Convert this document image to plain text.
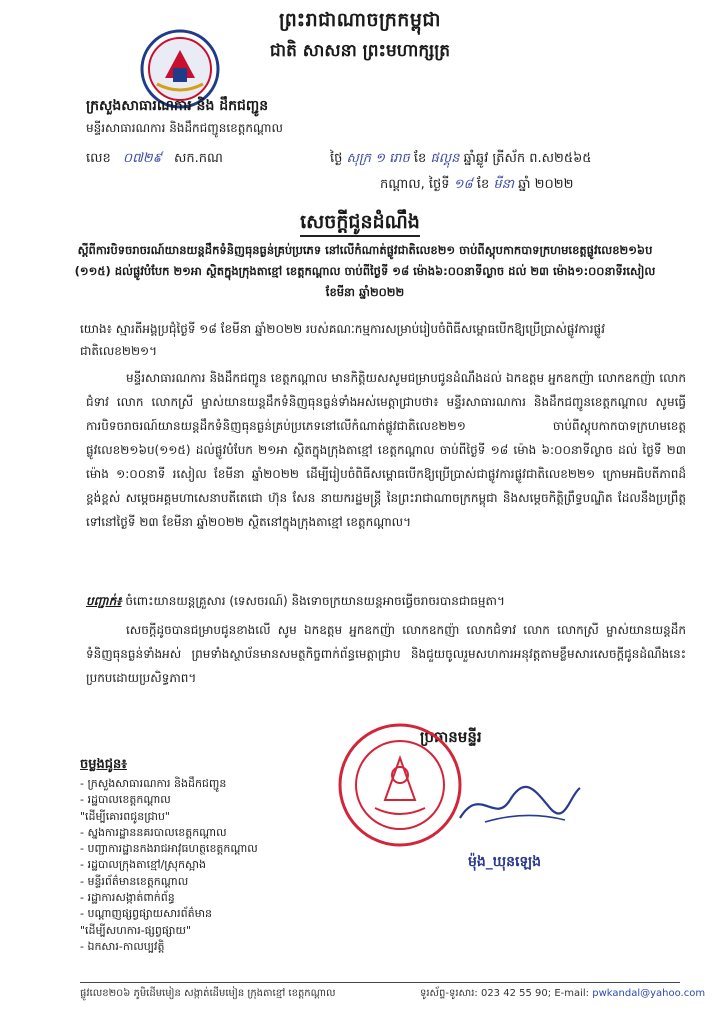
ព្រះរាជាណាចក្រកម្ពុជា
ជាតិ សាសនា ព្រះមហាក្សត្រ
ក្រសួងសាធារណការ និង ដឹកជញ្ជូន
មន្ទីរសាធារណការ និងដឹកជញ្ជូនខេត្តកណ្ដាល
លេខ ០៧២៩ សក.កណ	ថ្ងៃ សុក្រ ១ រោច ខែ ផល្គុន ឆ្នាំឆ្លូវ ត្រីស័ក ព.ស២៥៦៥
កណ្ដាល, ថ្ងៃទី ១៨ ខែ មីនា ឆ្នាំ ២០២២
សេចក្ដីជូនដំណឹង
ស្ដីពីការបិទចរាចរណ៍យានយន្តដឹកទំនិញធុនធ្ងន់គ្រប់ប្រភេទ នៅលើកំណាត់ផ្លូវជាតិលេខ២១ ចាប់ពីស្តុបកាកបាទក្រហមខេត្តផ្លូវលេខ២១៦ប (១១៥) ដល់ផ្លូវបំបែក ២១អា ស្ថិតក្នុងក្រុងតាខ្មៅ ខេត្តកណ្ដាល ចាប់ពីថ្ងៃទី ១៨ ម៉ោង៦:០០នាទីល្ងាច ដល់ ២៣ ម៉ោង១:០០នាទីរសៀល ខែមីនា ឆ្នាំ២០២២
យោង៖ ស្មារតីអង្គប្រជុំថ្ងៃទី ១៨ ខែមីនា ឆ្នាំ២០២២ របស់គណៈកម្មការសម្រាប់រៀបចំពិធីសម្ពោធបើកឱ្យប្រើប្រាស់ផ្លូវការផ្លូវជាតិលេខ២២១។
មន្ទីរសាធារណការ និងដឹកជញ្ជូន ខេត្តកណ្ដាល មានកិត្តិយសសូមជម្រាបជូនដំណឹងដល់ ឯកឧត្តម អ្នកឧកញ៉ា លោកឧកញ៉ា លោកជំទាវ លោក លោកស្រី ម្ចាស់យានយន្តដឹកទំនិញធុនធ្ងន់ទាំងអស់មេត្តាជ្រាបថា៖ មន្ទីរសាធារណការ និងដឹកជញ្ជូនខេត្តកណ្ដាល សូមធ្វើការបិទចរាចរណ៍យានយន្តដឹកទំនិញធុនធ្ងន់គ្រប់ប្រភេទនៅលើកំណាត់ផ្លូវជាតិលេខ២២១ ចាប់ពីស្តុបកាកបាទក្រហមខេត្តផ្លូវលេខ២១៦ប(១១៥) ដល់ផ្លូវបំបែក ២១អា ស្ថិតក្នុងក្រុងតាខ្មៅ ខេត្តកណ្ដាល ចាប់ពីថ្ងៃទី ១៨ ម៉ោង ៦:០០នាទីល្ងាច ដល់ ថ្ងៃទី ២៣ ម៉ោង ១:០០នាទី រសៀល ខែមីនា ឆ្នាំ២០២២ ដើម្បីរៀបចំពិធីសម្ពោធបើកឱ្យប្រើប្រាស់ជាផ្លូវការផ្លូវជាតិលេខ២២១ ក្រោមអធិបតីភាពដ៏ខ្ពង់ខ្ពស់ សម្ដេចអគ្គមហាសេនាបតីតេជោ ហ៊ុន សែន នាយករដ្ឋមន្ត្រី នៃព្រះរាជាណាចក្រកម្ពុជា និងសម្ដេចកិត្តិព្រឹទ្ធបណ្ឌិត ដែលនឹងប្រព្រឹត្តទៅនៅថ្ងៃទី ២៣ ខែមីនា ឆ្នាំ២០២២ ស្ថិតនៅក្នុងក្រុងតាខ្មៅ ខេត្តកណ្ដាល។
បញ្ជាក់៖ ចំពោះយានយន្តគ្រួសារ (ទេសចរណ៍) និងទោចក្រយានយន្តអាចធ្វើចរាចរបានជាធម្មតា។
សេចក្ដីដូចបានជម្រាបជូនខាងលើ សូម ឯកឧត្តម អ្នកឧកញ៉ា លោកឧកញ៉ា លោកជំទាវ លោក លោកស្រី ម្ចាស់យានយន្តដឹកទំនិញធុនធ្ងន់ទាំងអស់ ព្រមទាំងស្ថាប័នមានសមត្ថកិច្ចពាក់ព័ន្ធមេត្តាជ្រាប និងជួយចូលរួមសហការអនុវត្តតាមខ្លឹមសារសេចក្ដីជូនដំណឹងនេះប្រកបដោយប្រសិទ្ធភាព។
ប្រធានមន្ទីរ
ម៉ុង_ឃុនឡេង
ចម្លងជូន៖
- ក្រសួងសាធារណការ និងដឹកជញ្ជូន
- រដ្ឋបាលខេត្តកណ្ដាល
"ដើម្បីគោរពជូនជ្រាប"
- ស្នងការដ្ឋាននគរបាលខេត្តកណ្ដាល
- បញ្ជាការដ្ឋានកងរាជអាវុធហត្ថខេត្តកណ្ដាល
- រដ្ឋបាលក្រុងតាខ្មៅ/ស្រុកស្អាង
- មន្ទីរព័ត៌មានខេត្តកណ្ដាល
- រដ្ឋាការសង្កាត់ពាក់ព័ន្ធ
- បណ្ដាញផ្សព្វផ្សាយសារព័ត៌មាន
"ដើម្បីសហការ-ផ្សព្វផ្សាយ"
- ឯកសារ-កាលប្បវត្តិ
ផ្លូវលេខ២០៦ ភូមិដើមមៀន សង្កាត់ដើមមៀន ក្រុងតាខ្មៅ ខេត្តកណ្ដាល	ទូរស័ព្ទ-ទូរសារ: 023 42 55 90; E-mail: pwkandal@yahoo.com
